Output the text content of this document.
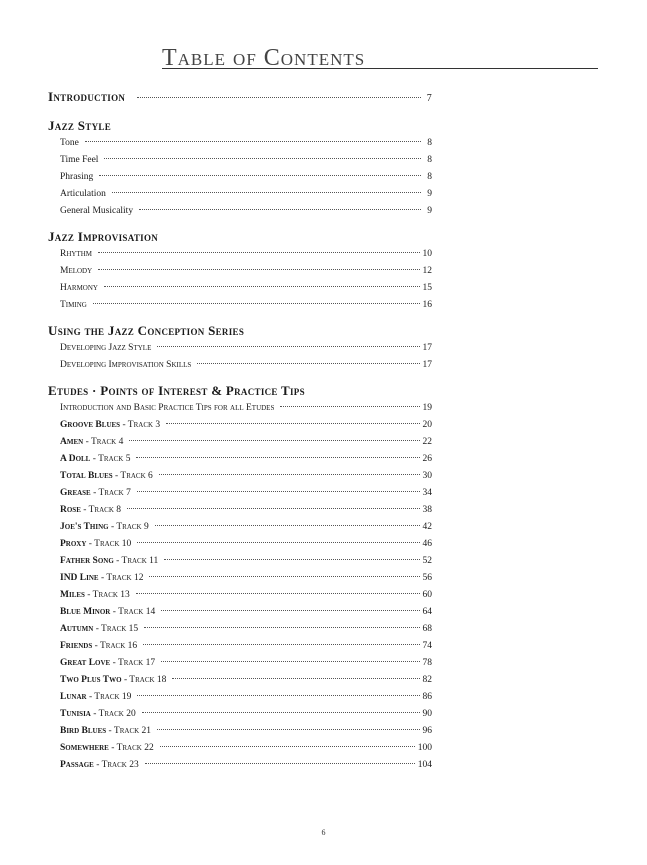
Table of Contents
Introduction	7
Jazz Style
Tone	8
Time Feel	8
Phrasing	8
Articulation	9
General Musicality	9
Jazz Improvisation
Rhythm	10
Melody	12
Harmony	15
Timing	16
Using the Jazz Conception Series
Developing Jazz Style	17
Developing Improvisation Skills	17
Etudes · Points of Interest & Practice Tips
Introduction and Basic Practice Tips for all Etudes	19
Groove Blues - Track 3	20
Amen - Track 4	22
A Doll - Track 5	26
Total Blues - Track 6	30
Grease - Track 7	34
Rose - Track 8	38
Joe's Thing - Track 9	42
Proxy - Track 10	46
Father Song - Track 11	52
IND Line - Track 12	56
Miles - Track 13	60
Blue Minor - Track 14	64
Autumn - Track 15	68
Friends - Track 16	74
Great Love - Track 17	78
Two Plus Two - Track 18	82
Lunar - Track 19	86
Tunisia - Track 20	90
Bird Blues - Track 21	96
Somewhere - Track 22	100
Passage - Track 23	104
6
